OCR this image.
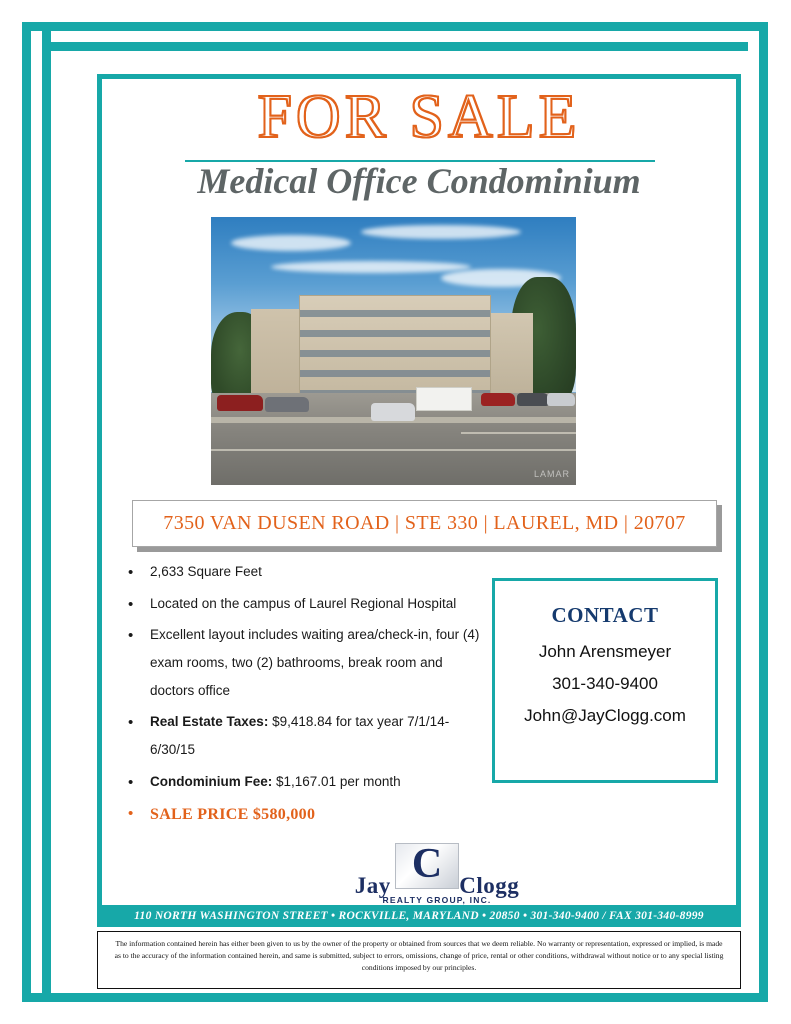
FOR SALE
Medical Office Condominium
LAMAR
7350 VAN DUSEN ROAD | STE 330 | LAUREL, MD | 20707
• 2,633 Square Feet
• Located on the campus of Laurel Regional Hospital
• Excellent layout includes waiting area/check-in, four (4) exam rooms, two (2) bathrooms, break room and doctors office
• Real Estate Taxes: $9,418.84 for tax year 7/1/14-6/30/15
• Condominium Fee: $1,167.01 per month
• SALE PRICE $580,000
CONTACT

John Arensmeyer

301-340-9400

John@JayClogg.com

C
Jay	Clogg
REALTY GROUP, INC.
110 NORTH WASHINGTON STREET • ROCKVILLE, MARYLAND • 20850 • 301-340-9400 / FAX 301-340-8999
The information contained herein has either been given to us by the owner of the property or obtained from sources that we deem reliable. No warranty or representation, expressed or implied, is made as to the accuracy of the information contained herein, and same is submitted, subject to errors, omissions, change of price, rental or other conditions, withdrawal without notice or to any special listing conditions imposed by our principles.
